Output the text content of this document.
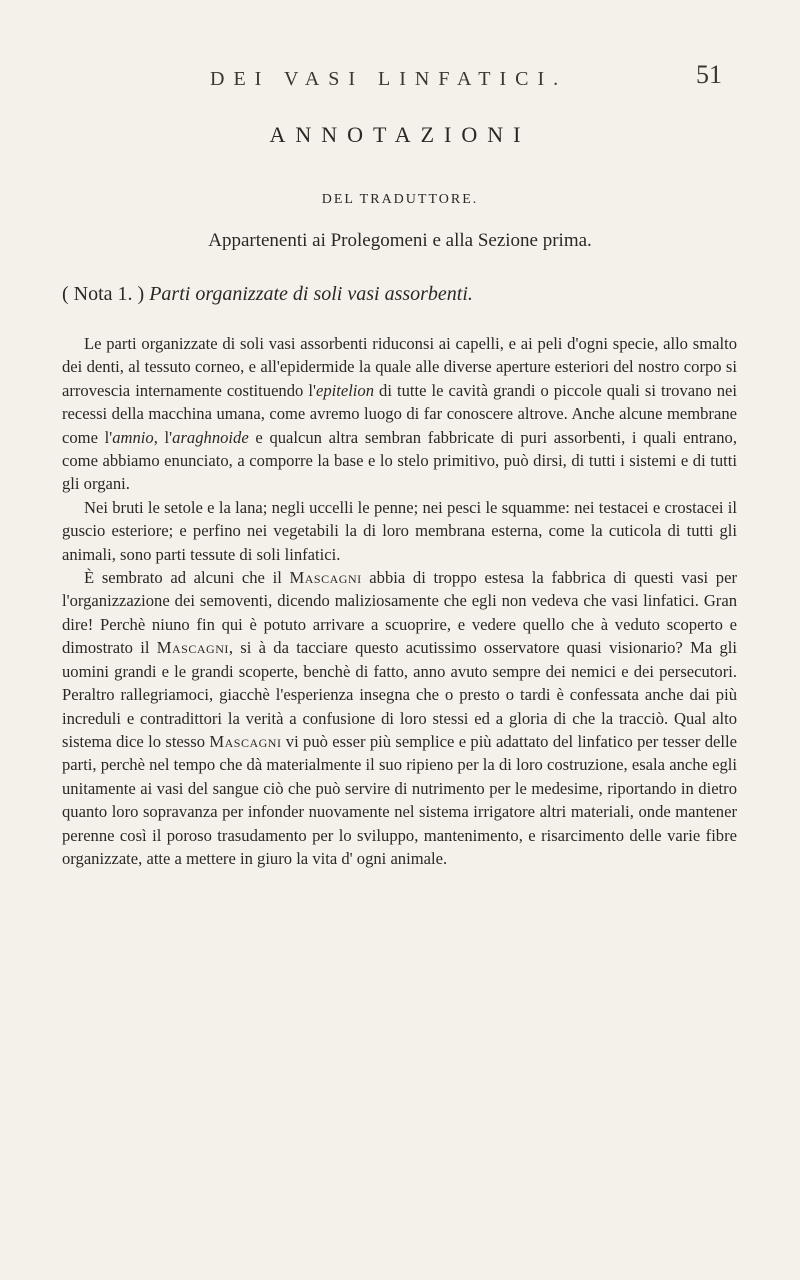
DEI VASI LINFATICI.	51
ANNOTAZIONI
DEL TRADUTTORE.
Appartenenti ai Prolegomeni e alla Sezione prima.
( Nota 1. ) Parti organizzate di soli vasi assorbenti.

Le parti organizzate di soli vasi assorbenti riduconsi ai capelli, e ai peli d'ogni specie, allo smalto dei denti, al tessuto corneo, e all'epidermide la quale alle diverse aperture esteriori del nostro corpo si arrovescia internamente costituendo l'epitelion di tutte le cavità grandi o piccole quali si trovano nei recessi della macchina umana, come avremo luogo di far conoscere altrove. Anche alcune membrane come l'amnio, l'araghnoide e qualcun altra sembran fabbricate di puri assorbenti, i quali entrano, come abbiamo enunciato, a comporre la base e lo stelo primitivo, può dirsi, di tutti i sistemi e di tutti gli organi.

Nei bruti le setole e la lana; negli uccelli le penne; nei pesci le squamme: nei testacei e crostacei il guscio esteriore; e perfino nei vegetabili la di loro membrana esterna, come la cuticola di tutti gli animali, sono parti tessute di soli linfatici.

È sembrato ad alcuni che il Mascagni abbia di troppo estesa la fabbrica di questi vasi per l'organizzazione dei semoventi, dicendo maliziosamente che egli non vedeva che vasi linfatici. Gran dire! Perchè niuno fin qui è potuto arrivare a scuoprire, e vedere quello che à veduto scoperto e dimostrato il Mascagni, si à da tacciare questo acutissimo osservatore quasi visionario? Ma gli uomini grandi e le grandi scoperte, benchè di fatto, anno avuto sempre dei nemici e dei persecutori. Peraltro rallegriamoci, giacchè l'esperienza insegna che o presto o tardi è confessata anche dai più increduli e contradittori la verità a confusione di loro stessi ed a gloria di che la tracciò. Qual alto sistema dice lo stesso Mascagni vi può esser più semplice e più adattato del linfatico per tesser delle parti, perchè nel tempo che dà materialmente il suo ripieno per la di loro costruzione, esala anche egli unitamente ai vasi del sangue ciò che può servire di nutrimento per le medesime, riportando in dietro quanto loro sopravanza per infonder nuovamente nel sistema irrigatore altri materiali, onde mantener perenne così il poroso trasudamento per lo sviluppo, mantenimento, e risarcimento delle varie fibre organizzate, atte a mettere in giuro la vita d' ogni animale.
